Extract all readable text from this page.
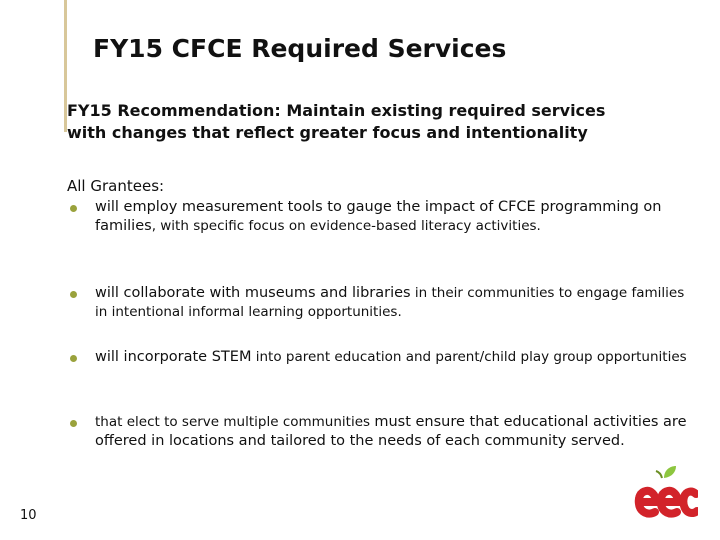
FY15 CFCE Required Services
FY15 Recommendation: Maintain existing required services
with changes that reflect greater focus and intentionality
All Grantees:
will employ measurement tools to gauge the impact of CFCE programming on families, with specific focus on evidence-based literacy activities.
will collaborate with museums and libraries in their communities to engage families in intentional informal learning opportunities.
will incorporate STEM into parent education and parent/child play group opportunities
that elect to serve multiple communities must ensure that educational activities are offered in locations and tailored to the needs of each community served.
10
